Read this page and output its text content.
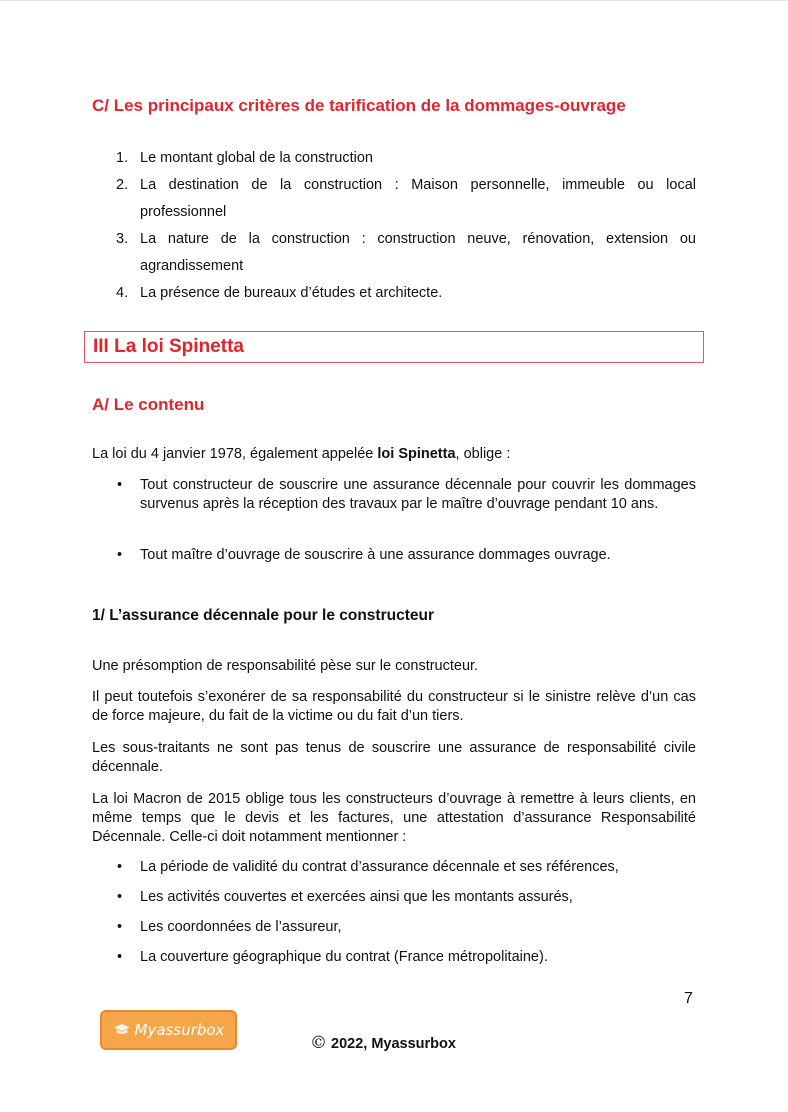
C/ Les principaux critères de tarification de la dommages-ouvrage
1. Le montant global de la construction
2. La destination de la construction : Maison personnelle, immeuble ou local professionnel
3. La nature de la construction : construction neuve, rénovation, extension ou agrandissement
4. La présence de bureaux d’études et architecte.
III La loi Spinetta
A/ Le contenu
La loi du 4 janvier 1978, également appelée loi Spinetta, oblige :
• Tout constructeur de souscrire une assurance décennale pour couvrir les dommages survenus après la réception des travaux par le maître d’ouvrage pendant 10 ans.
• Tout maître d’ouvrage de souscrire à une assurance dommages ouvrage.
1/ L’assurance décennale pour le constructeur
Une présomption de responsabilité pèse sur le constructeur.
Il peut toutefois s’exonérer de sa responsabilité du constructeur si le sinistre relève d’un cas de force majeure, du fait de la victime ou du fait d’un tiers.
Les sous-traitants ne sont pas tenus de souscrire une assurance de responsabilité civile décennale.
La loi Macron de 2015 oblige tous les constructeurs d’ouvrage à remettre à leurs clients, en même temps que le devis et les factures, une attestation d’assurance Responsabilité Décennale. Celle-ci doit notamment mentionner :
• La période de validité du contrat d’assurance décennale et ses références,
• Les activités couvertes et exercées ainsi que les montants assurés,
• Les coordonnées de l’assureur,
• La couverture géographique du contrat (France métropolitaine).
7
Myassurbox
© 2022, Myassurbox
